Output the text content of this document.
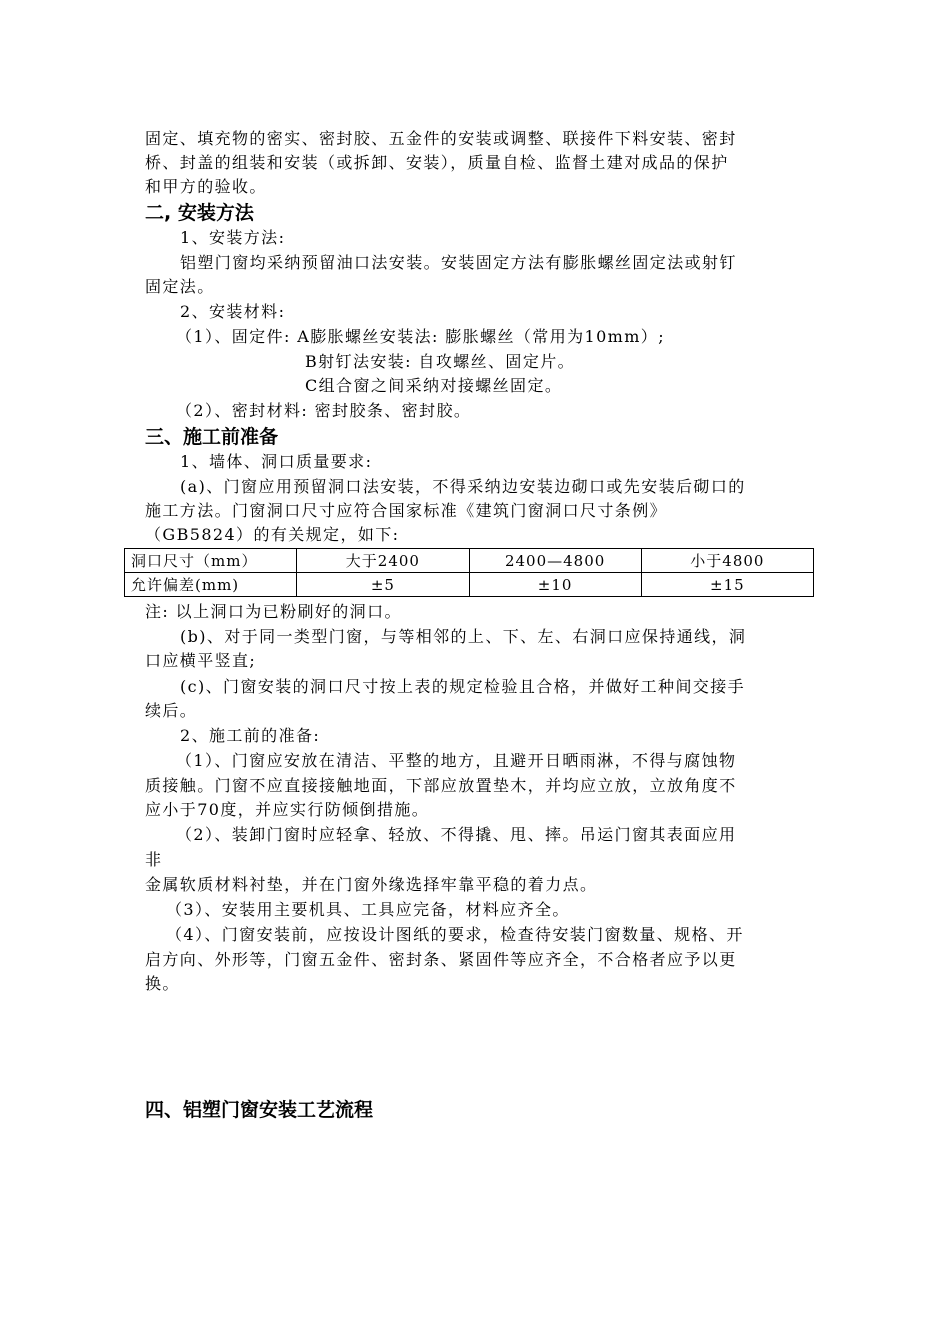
固定、填充物的密实、密封胶、五金件的安装或调整、联接件下料安装、密封
桥、封盖的组装和安装（或拆卸、安装），质量自检、监督土建对成品的保护
和甲方的验收。
二, 安装方法
1、安装方法:
铝塑门窗均采纳预留油口法安装。安装固定方法有膨胀螺丝固定法或射钉
固定法。
2、安装材料:
（1）、固定件: A膨胀螺丝安装法: 膨胀螺丝（常用为10mm）;
B射钉法安装: 自攻螺丝、固定片。
C组合窗之间采纳对接螺丝固定。
（2）、密封材料: 密封胶条、密封胶。
三、施工前准备
1、墙体、洞口质量要求:
(a)、门窗应用预留洞口法安装，不得采纳边安装边砌口或先安装后砌口的
施工方法。门窗洞口尺寸应符合国家标准《建筑门窗洞口尺寸条例》
（GB5824）的有关规定，如下:
洞口尺寸（mm）	大于2400	2400—4800	小于4800
允许偏差(mm)	±5	±10	±15
注: 以上洞口为已粉刷好的洞口。
(b)、对于同一类型门窗，与等相邻的上、下、左、右洞口应保持通线，洞
口应横平竖直;
(c)、门窗安装的洞口尺寸按上表的规定检验且合格，并做好工种间交接手
续后。
2、施工前的准备:
（1）、门窗应安放在清洁、平整的地方，且避开日晒雨淋，不得与腐蚀物
质接触。门窗不应直接接触地面，下部应放置垫木，并均应立放，立放角度不
应小于70度，并应实行防倾倒措施。
（2）、装卸门窗时应轻拿、轻放、不得撬、甩、摔。吊运门窗其表面应用
非
金属软质材料衬垫，并在门窗外缘选择牢靠平稳的着力点。
（3）、安装用主要机具、工具应完备，材料应齐全。
（4）、门窗安装前，应按设计图纸的要求，检查待安装门窗数量、规格、开
启方向、外形等，门窗五金件、密封条、紧固件等应齐全，不合格者应予以更
换。
四、铝塑门窗安装工艺流程
